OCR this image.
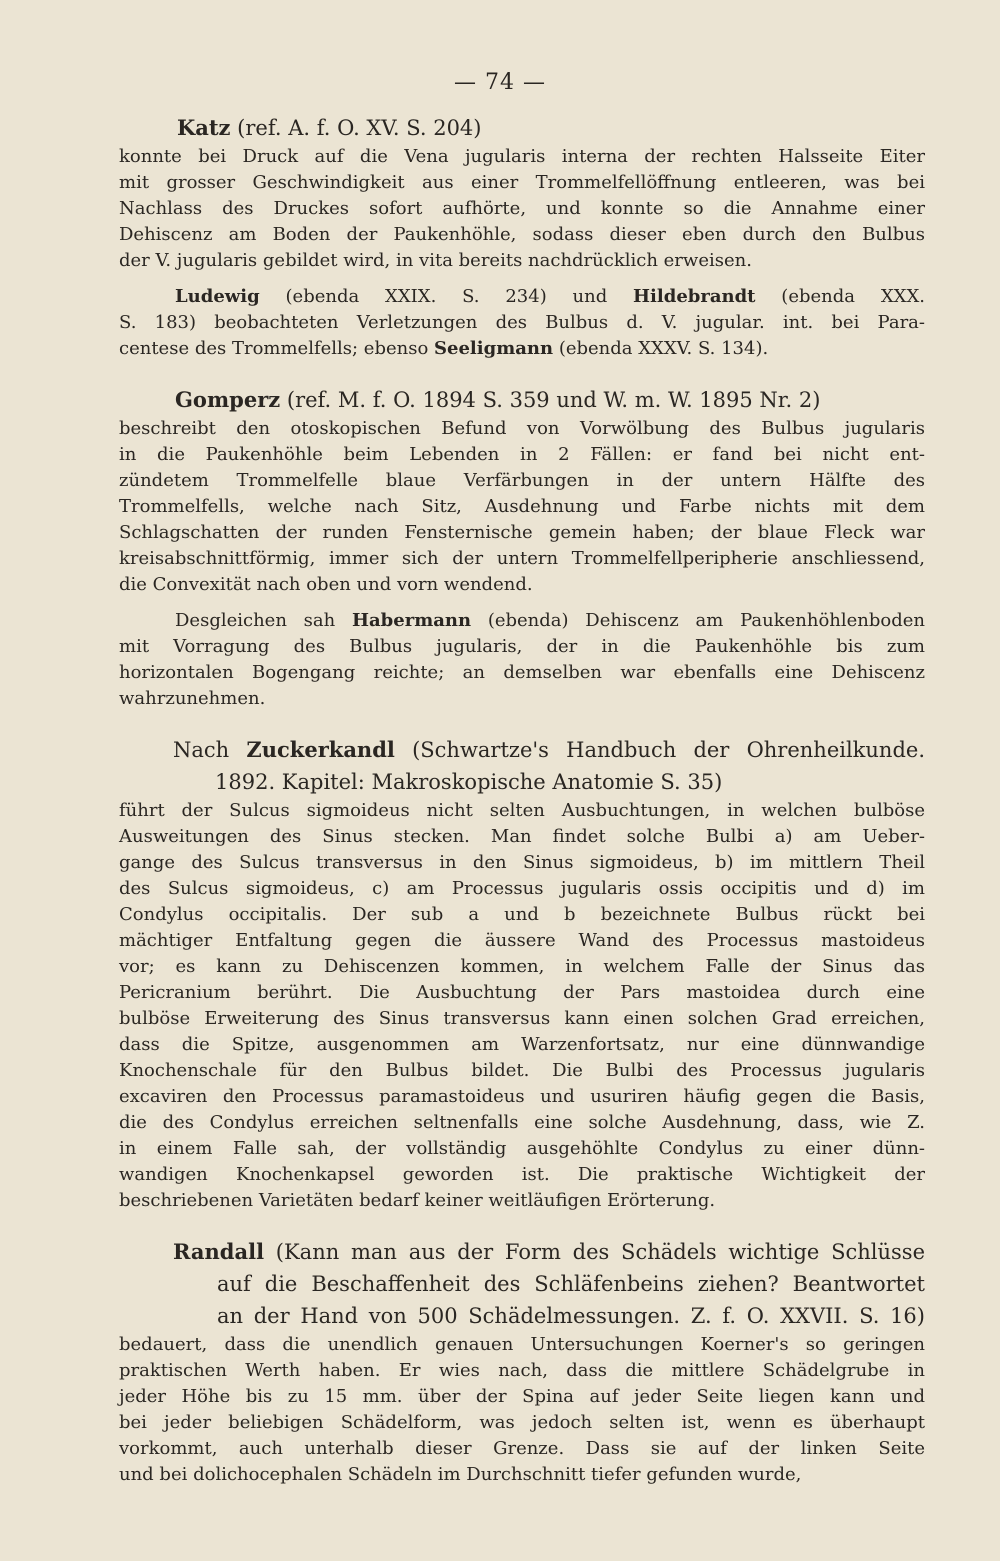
— 74 —
Katz (ref. A. f. O. XV. S. 204)
konnte bei Druck auf die Vena jugularis interna der rechten Halsseite Eiter
mit grosser Geschwindigkeit aus einer Trommelfellöffnung entleeren, was bei
Nachlass des Druckes sofort aufhörte, und konnte so die Annahme einer
Dehiscenz am Boden der Paukenhöhle, sodass dieser eben durch den Bulbus
der V. jugularis gebildet wird, in vita bereits nachdrücklich erweisen.
Ludewig (ebenda XXIX. S. 234) und Hildebrandt (ebenda XXX.
S. 183) beobachteten Verletzungen des Bulbus d. V. jugular. int. bei Para-
centese des Trommelfells; ebenso Seeligmann (ebenda XXXV. S. 134).
Gomperz (ref. M. f. O. 1894 S. 359 und W. m. W. 1895 Nr. 2)
beschreibt den otoskopischen Befund von Vorwölbung des Bulbus jugularis
in die Paukenhöhle beim Lebenden in 2 Fällen: er fand bei nicht ent-
zündetem Trommelfelle blaue Verfärbungen in der untern Hälfte des
Trommelfells, welche nach Sitz, Ausdehnung und Farbe nichts mit dem
Schlagschatten der runden Fensternische gemein haben; der blaue Fleck war
kreisabschnittförmig, immer sich der untern Trommelfellperipherie anschliessend,
die Convexität nach oben und vorn wendend.
Desgleichen sah Habermann (ebenda) Dehiscenz am Paukenhöhlenboden
mit Vorragung des Bulbus jugularis, der in die Paukenhöhle bis zum
horizontalen Bogengang reichte; an demselben war ebenfalls eine Dehiscenz
wahrzunehmen.
Nach Zuckerkandl (Schwartze's Handbuch der Ohrenheilkunde.
1892. Kapitel: Makroskopische Anatomie S. 35)
führt der Sulcus sigmoideus nicht selten Ausbuchtungen, in welchen bulböse
Ausweitungen des Sinus stecken. Man findet solche Bulbi a) am Ueber-
gange des Sulcus transversus in den Sinus sigmoideus, b) im mittlern Theil
des Sulcus sigmoideus, c) am Processus jugularis ossis occipitis und d) im
Condylus occipitalis. Der sub a und b bezeichnete Bulbus rückt bei
mächtiger Entfaltung gegen die äussere Wand des Processus mastoideus
vor; es kann zu Dehiscenzen kommen, in welchem Falle der Sinus das
Pericranium berührt. Die Ausbuchtung der Pars mastoidea durch eine
bulböse Erweiterung des Sinus transversus kann einen solchen Grad erreichen,
dass die Spitze, ausgenommen am Warzenfortsatz, nur eine dünnwandige
Knochenschale für den Bulbus bildet. Die Bulbi des Processus jugularis
excaviren den Processus paramastoideus und usuriren häufig gegen die Basis,
die des Condylus erreichen seltnenfalls eine solche Ausdehnung, dass, wie Z.
in einem Falle sah, der vollständig ausgehöhlte Condylus zu einer dünn-
wandigen Knochenkapsel geworden ist. Die praktische Wichtigkeit der
beschriebenen Varietäten bedarf keiner weitläufigen Erörterung.
Randall (Kann man aus der Form des Schädels wichtige Schlüsse
auf die Beschaffenheit des Schläfenbeins ziehen? Beantwortet
an der Hand von 500 Schädelmessungen. Z. f. O. XXVII. S. 16)
bedauert, dass die unendlich genauen Untersuchungen Koerner's so geringen
praktischen Werth haben. Er wies nach, dass die mittlere Schädelgrube in
jeder Höhe bis zu 15 mm. über der Spina auf jeder Seite liegen kann und
bei jeder beliebigen Schädelform, was jedoch selten ist, wenn es überhaupt
vorkommt, auch unterhalb dieser Grenze. Dass sie auf der linken Seite
und bei dolichocephalen Schädeln im Durchschnitt tiefer gefunden wurde,
